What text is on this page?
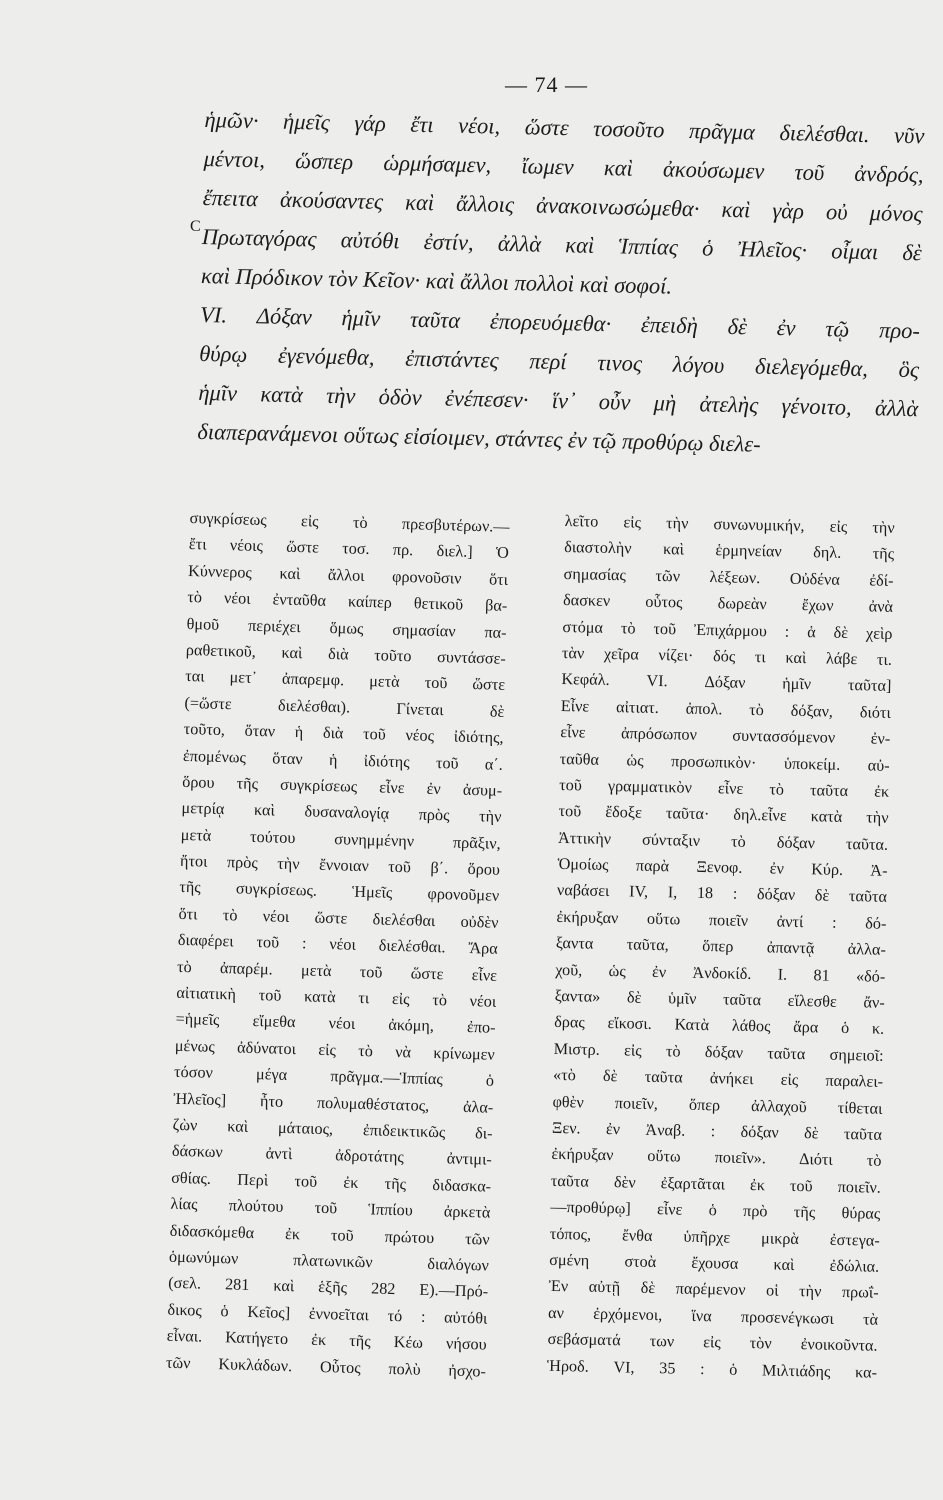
— 74 —
C
ἡμῶν· ἡμεῖς γάρ ἔτι νέοι, ὥστε τοσοῦτο πρᾶγμα διελέσθαι. νῦν
μέντοι, ὥσπερ ὡρμήσαμεν, ἴωμεν καὶ ἀκούσωμεν τοῦ ἀνδρός,
ἔπειτα ἀκούσαντες καὶ ἄλλοις ἀνακοινωσώμεθα· καὶ γὰρ οὐ μόνος
Πρωταγόρας αὐτόθι ἐστίν, ἀλλὰ καὶ Ἱππίας ὁ Ἠλεῖος· οἶμαι δὲ
καὶ Πρόδικον τὸν Κεῖον· καὶ ἄλλοι πολλοὶ καὶ σοφοί.
VI. Δόξαν ἡμῖν ταῦτα ἐπορευόμεθα· ἐπειδὴ δὲ ἐν τῷ προ-
θύρῳ ἐγενόμεθα, ἐπιστάντες περί τινος λόγου διελεγόμεθα, ὃς
ἡμῖν κατὰ τὴν ὁδὸν ἐνέπεσεν· ἵν᾽ οὖν μὴ ἀτελὴς γένοιτο, ἀλλὰ
διαπερανάμενοι οὕτως εἰσίοιμεν, στάντες ἐν τῷ προθύρῳ διελε-
συγκρίσεως εἰς τὸ πρεσβυτέρων.—
ἔτι νέοις ὥστε τοσ. πρ. διελ.] Ὁ
Κύννερος καὶ ἄλλοι φρονοῦσιν ὅτι
τὸ νέοι ἐνταῦθα καίπερ θετικοῦ βα-
θμοῦ περιέχει ὅμως σημασίαν πα-
ραθετικοῦ, καὶ διὰ τοῦτο συντάσσε-
ται μετ᾽ ἀπαρεμφ. μετὰ τοῦ ὥστε
(=ὥστε διελέσθαι). Γίνεται δὲ
τοῦτο, ὅταν ἡ διὰ τοῦ νέος ἰδιότης,
ἐπομένως ὅταν ἡ ἰδιότης τοῦ α΄.
ὅρου τῆς συγκρίσεως εἶνε ἐν ἀσυμ-
μετρίᾳ καὶ δυσαναλογίᾳ πρὸς τὴν
μετὰ τούτου συνημμένην πρᾶξιν,
ἤτοι πρὸς τὴν ἔννοιαν τοῦ β΄. ὅρου
τῆς συγκρίσεως. Ἡμεῖς φρονοῦμεν
ὅτι τὸ νέοι ὥστε διελέσθαι οὐδὲν
διαφέρει τοῦ : νέοι διελέσθαι. Ἄρα
τὸ ἀπαρέμ. μετὰ τοῦ ὥστε εἶνε
αἰτιατικὴ τοῦ κατὰ τι εἰς τὸ νέοι
=ἡμεῖς εἴμεθα νέοι ἀκόμη, ἐπο-
μένως ἀδύνατοι εἰς τὸ νὰ κρίνωμεν
τόσον μέγα πρᾶγμα.—Ἱππίας ὁ
Ἠλεῖος] ἦτο πολυμαθέστατος, ἀλα-
ζὼν καὶ μάταιος, ἐπιδεικτικῶς δι-
δάσκων ἀντὶ ἀδροτάτης ἀντιμι-
σθίας. Περὶ τοῦ ἐκ τῆς διδασκα-
λίας πλούτου τοῦ Ἱππίου ἀρκετὰ
διδασκόμεθα ἐκ τοῦ πρώτου τῶν
ὁμωνύμων πλατωνικῶν διαλόγων
(σελ. 281 καὶ ἑξῆς 282 Ε).—Πρό-
δικος ὁ Κεῖος] ἐννοεῖται τό : αὐτόθι
εἶναι. Κατήγετο ἐκ τῆς Κέω νήσου
τῶν Κυκλάδων. Οὗτος πολὺ ἠσχο-
λεῖτο εἰς τὴν συνωνυμικήν, εἰς τὴν
διαστολὴν καὶ ἑρμηνείαν δηλ. τῆς
σημασίας τῶν λέξεων. Οὐδένα ἐδί-
δασκεν οὗτος δωρεὰν ἔχων ἀνὰ
στόμα τὸ τοῦ Ἐπιχάρμου : ἁ δὲ χεὶρ
τὰν χεῖρα νίζει· δός τι καὶ λάβε τι.
Κεφάλ. VI. Δόξαν ἡμῖν ταῦτα]
Εἶνε αἰτιατ. ἀπολ. τὸ δόξαν, διότι
εἶνε ἀπρόσωπον συντασσόμενον ἐν-
ταῦθα ὡς προσωπικὸν· ὑποκείμ. αὐ-
τοῦ γραμματικὸν εἶνε τὸ ταῦτα ἐκ
τοῦ ἔδοξε ταῦτα· δηλ.εἶνε κατὰ τὴν
Ἀττικὴν σύνταξιν τὸ δόξαν ταῦτα.
Ὁμοίως παρὰ Ξενοφ. ἐν Κύρ. Ἀ-
ναβάσει IV, I, 18 : δόξαν δὲ ταῦτα
ἐκήρυξαν οὕτω ποιεῖν ἀντί : δό-
ξαντα ταῦτα, ὅπερ ἀπαντᾷ ἀλλα-
χοῦ, ὡς ἐν Ἀνδοκίδ. I. 81 «δό-
ξαντα» δὲ ὑμῖν ταῦτα εἵλεσθε ἄν-
δρας εἴκοσι. Κατὰ λάθος ἄρα ὁ κ.
Μιστρ. εἰς τὸ δόξαν ταῦτα σημειοῖ:
«τὸ δὲ ταῦτα ἀνήκει εἰς παραλει-
φθὲν ποιεῖν, ὅπερ ἀλλαχοῦ τίθεται
Ξεν. ἐν Ἀναβ. : δόξαν δὲ ταῦτα
ἐκήρυξαν οὕτω ποιεῖν». Διότι τὸ
ταῦτα δὲν ἐξαρτᾶται ἐκ τοῦ ποιεῖν.
—προθύρῳ] εἶνε ὁ πρὸ τῆς θύρας
τόπος, ἔνθα ὑπῆρχε μικρὰ ἐστεγα-
σμένη στοὰ ἔχουσα καὶ ἐδώλια.
Ἐν αὐτῇ δὲ παρέμενον οἱ τὴν πρωΐ-
αν ἐρχόμενοι, ἵνα προσενέγκωσι τὰ
σεβάσματά των εἰς τὸν ἐνοικοῦντα.
Ἡροδ. VI, 35 : ὁ Μιλτιάδης κα-
